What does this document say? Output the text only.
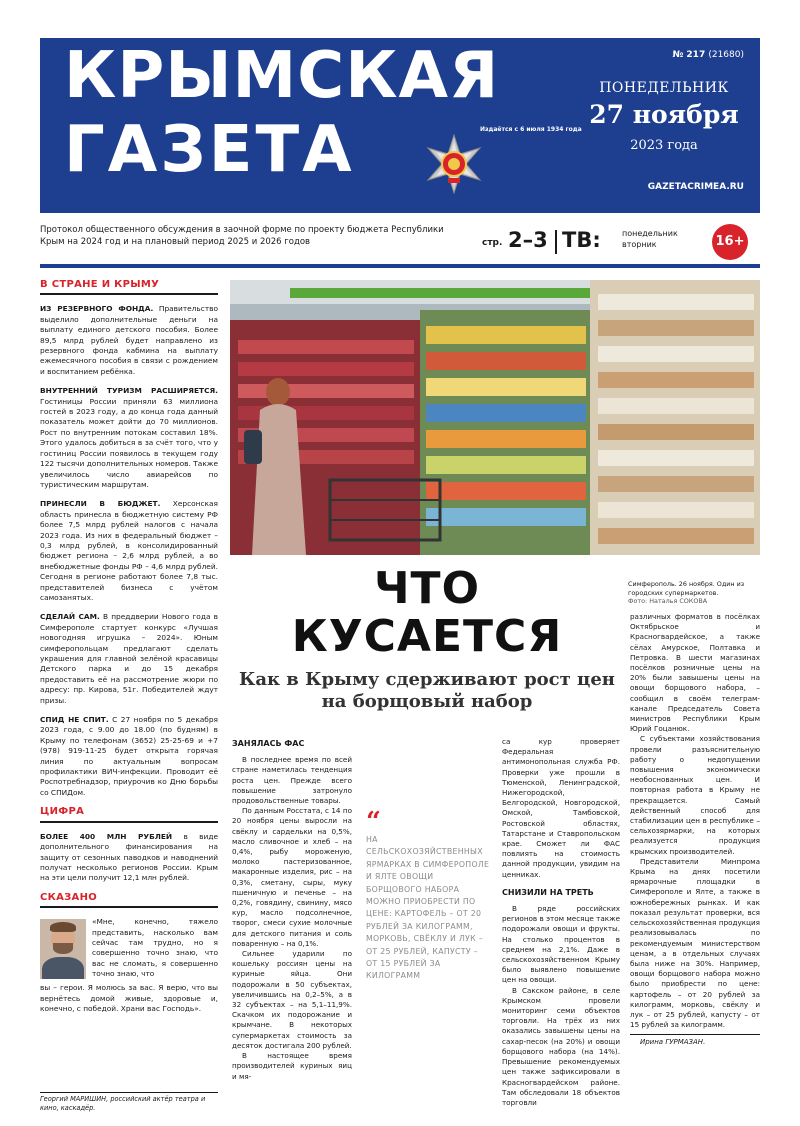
КРЫМСКАЯ
ГАЗЕТА	Издаётся с 6 июля 1934 года
№ 217 (21680)
ПОНЕДЕЛЬНИК
27 ноября
2023 года
GAZETACRIMEA.RU
Протокол общественного обсуждения в заочной форме по проекту бюджета Республики Крым на 2024 год и на плановый период 2025 и 2026 годов	стр. 2–3 ТВ:	понедельник
вторник	16+
В СТРАНЕ И КРЫМУ
ИЗ РЕЗЕРВНОГО ФОНДА. Правительство выделило дополнительные деньги на выплату единого детского пособия. Более 89,5 млрд рублей будет направлено из резервного фонда кабмина на выплату ежемесячного пособия в связи с рождением и воспитанием ребёнка.
ВНУТРЕННИЙ ТУРИЗМ РАСШИРЯЕТСЯ. Гостиницы России приняли 63 миллиона гостей в 2023 году, а до конца года данный показатель может дойти до 70 миллионов. Рост по внутренним потокам составил 18%. Этого удалось добиться в за счёт того, что у гостиниц России появилось в текущем году 122 тысячи дополнительных номеров. Также увеличилось число авиарейсов по туристическим маршрутам.
ПРИНЕСЛИ В БЮДЖЕТ. Херсонская область принесла в бюджетную систему РФ более 7,5 млрд рублей налогов с начала 2023 года. Из них в федеральный бюджет – 0,3 млрд рублей, в консолидированный бюджет региона – 2,6 млрд рублей, а во внебюджетные фонды РФ – 4,6 млрд рублей. Сегодня в регионе работают более 7,8 тыс. представителей бизнеса с учётом самозанятых.
СДЕЛАЙ САМ. В преддверии Нового года в Симферополе стартует конкурс «Лучшая новогодняя игрушка – 2024». Юным симферопольцам предлагают сделать украшения для главной зелёной красавицы Детского парка и до 15 декабря предоставить её на рассмотрение жюри по адресу: пр. Кирова, 51г. Победителей ждут призы.
СПИД НЕ СПИТ. С 27 ноября по 5 декабря 2023 года, с 9.00 до 18.00 (по будням) в Крыму по телефонам (3652) 25-25-69 и +7 (978) 919-11-25 будет открыта горячая линия по актуальным вопросам профилактики ВИЧ-инфекции. Проводит её Роспотребнадзор, приурочив ко Дню борьбы со СПИДом.
ЦИФРА
БОЛЕЕ 400 МЛН РУБЛЕЙ в виде дополнительного финансирования на защиту от сезонных паводков и наводнений получат несколько регионов России. Крым на эти цели получит 12,1 млн рублей.
СКАЗАНО
«Мне, конечно, тяжело представить, насколько вам сейчас там трудно, но я совершенно точно знаю, что вас не сломать, я совершенно точно знаю, что
вы – герои. Я молюсь за вас. Я верю, что вы вернётесь домой живые, здоровые и, конечно, с победой. Храни вас Господь».
Георгий МАРИШИН, российский актёр театра и кино, каскадёр.
Симферополь. 26 ноября. Один из городских супермаркетов.
Фото: Наталья СОКОВА
ЧТО
КУСАЕТСЯ
Как в Крыму сдерживают рост цен на борщовый набор

ЗАНЯЛАСЬ ФАС

В последнее время по всей стране наметилась тенденция роста цен. Прежде всего повышение затронуло продовольственные товары.

По данным Росстата, с 14 по 20 ноября цены выросли на свёклу и сардельки на 0,5%, масло сливочное и хлеб – на 0,4%, рыбу мороженую, молоко пастеризованное, макаронные изделия, рис – на 0,3%, сметану, сыры, муку пшеничную и печенье – на 0,2%, говядину, свинину, мясо кур, масло подсолнечное, творог, смеси сухие молочные для детского питания и соль поваренную – на 0,1%.

Сильнее ударили по кошельку россиян цены на куриные яйца. Они подорожали в 50 субъектах, увеличившись на 0,2–5%, а в 32 субъектах – на 5,1–11,9%. Скачком их подорожание и крымчане. В некоторых супермаркетах стоимость за десяток достигала 200 рублей.

В настоящее время производителей куриных яиц и мя-

“
НА СЕЛЬСКОХОЗЯЙСТВЕННЫХ ЯРМАРКАХ В СИМФЕРОПОЛЕ И ЯЛТЕ ОВОЩИ БОРЩОВОГО НАБОРА МОЖНО ПРИОБРЕСТИ ПО ЦЕНЕ: КАРТОФЕЛЬ – ОТ 20 РУБЛЕЙ ЗА КИЛОГРАММ, МОРКОВЬ, СВЁКЛУ И ЛУК – ОТ 25 РУБЛЕЙ, КАПУСТУ – ОТ 15 РУБЛЕЙ ЗА КИЛОГРАММ

са кур проверяет Федеральная антимонопольная служба РФ. Проверки уже прошли в Тюменской, Ленинградской, Нижегородской, Белгородской, Новгородской, Омской, Тамбовской, Ростовской областях, Татарстане и Ставропольском крае. Сможет ли ФАС повлиять на стоимость данной продукции, увидим на ценниках.

СНИЗИЛИ НА ТРЕТЬ

В ряде российских регионов в этом месяце также подорожали овощи и фрукты. На столько процентов в среднем на 2,1%. Даже в сельскохозяйственном Крыму было выявлено повышение цен на овощи.

В Сакском районе, в селе Крымском провели мониторинг семи объектов торговли. На трёх из них оказались завышены цены на сахар-песок (на 20%) и овощи борщового набора (на 14%). Превышение рекомендуемых цен также зафиксировали в Красногвардейском районе. Там обследовали 18 объектов торговли

различных форматов в посёлках Октябрьское и Красногвардейское, а также сёлах Амурское, Полтавка и Петровка. В шести магазинах посёлков розничные цены на 20% были завышены цены на овощи борщового набора, – сообщил в своём телеграм-канале Председатель Совета министров Республики Крым Юрий Гоцанюк.

С субъектами хозяйствования провели разъяснительную работу о недопущении повышения экономически необоснованных цен. И повторная работа в Крыму не прекращается. Самый действенный способ для стабилизации цен в республике – сельхозярмарки, на которых реализуется продукция крымских производителей.

Представители Минпрома Крыма на днях посетили ярмарочные площадки в Симферополе и Ялте, а также в южнобережных рынках. И как показал результат проверки, вся сельскохозяйственная продукция реализовывалась по рекомендуемым министерством ценам, а в отдельных случаях была ниже на 30%. Например, овощи борщового набора можно было приобрести по цене: картофель – от 20 рублей за килограмм, морковь, свёклу и лук – от 25 рублей, капусту – от 15 рублей за килограмм.

Ирина ГУРМАЗАН.
